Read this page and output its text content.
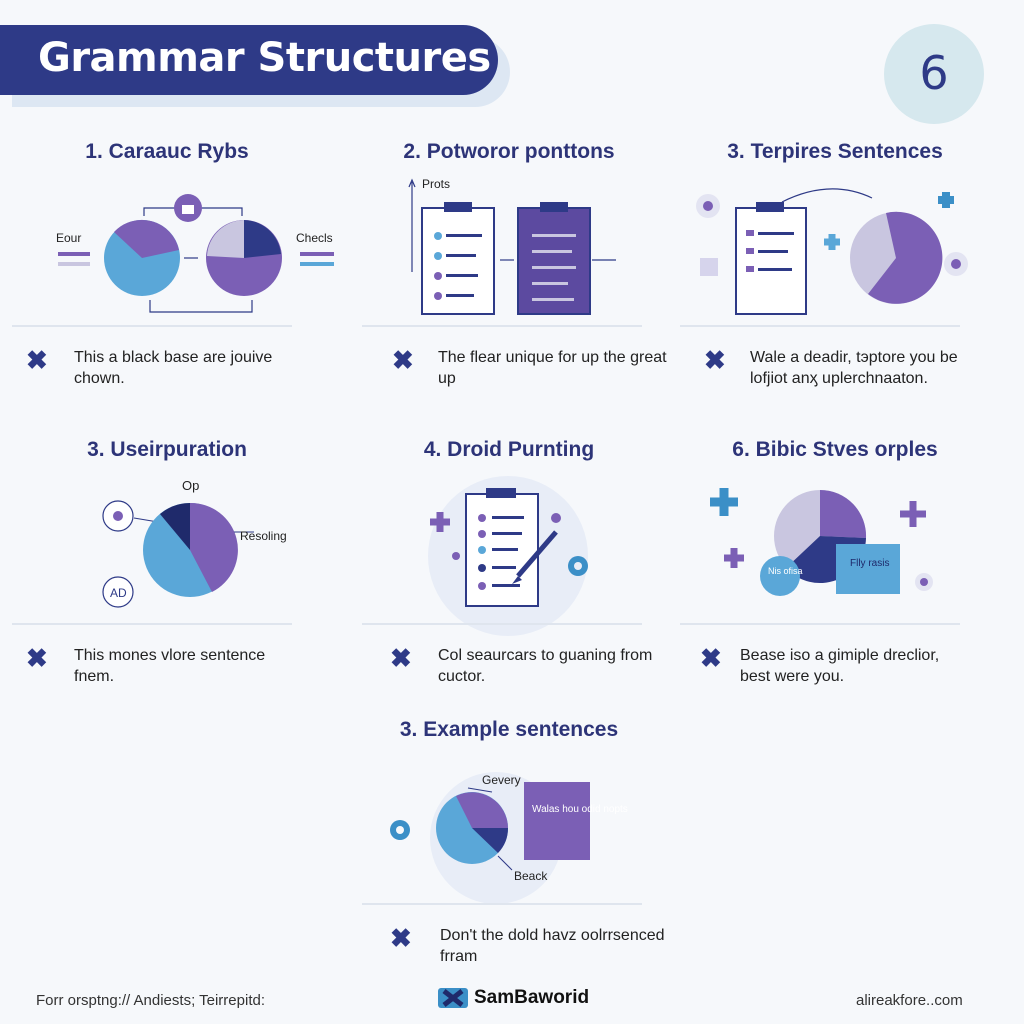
Grammar Structures	6
1. Caraauc Rybs
Eour	Checls
✖ This a black base are jouive chown.
2. Potworor ponttons
Prots
✖ The flear unique for up the great up
3. Terpires Sentences
✖ Wale a deadir, tэptore you be lofjiot anӽ uplerchnaaton.
3. Useirpuration
Op
Resoling
AD
✖ This mones vlore sentence fnem.
4. Droid Purnting
✖ Col seaurcars to guaning from cuctor.
6. Bibic Stves orples
Nis ofisa
Flly rasis
✖ Bease iso a gimiple dreclior, best were you.
3. Example sentences
Gevery
Walas hou odid nopts
Beack
✖ Don't the dold havz oolrrsenced frram
Forr orsptng:// Andiests; Teirrepitd:	SamBaworid	alireakfore..com
